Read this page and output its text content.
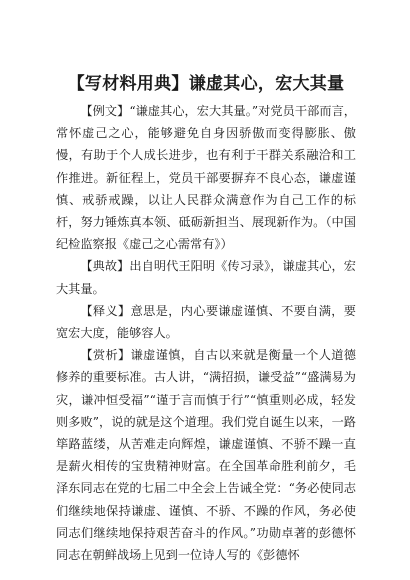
【写材料用典】谦虚其心，宏大其量

【例文】“谦虚其心，宏大其量。”对党员干部而言，常怀虚己之心，能够避免自身因骄傲而变得膨胀、傲慢，有助于个人成长进步，也有利于干群关系融洽和工作推进。新征程上，党员干部要摒弃不良心态，谦虚谨慎、戒骄戒躁，以让人民群众满意作为自己工作的标杆，努力锤炼真本领、砥砺新担当、展现新作为。（中国纪检监察报《虚己之心需常有》）

【典故】出自明代王阳明《传习录》，谦虚其心，宏大其量。

【释义】意思是，内心要谦虚谨慎、不要自满，要宽宏大度，能够容人。

【赏析】谦虚谨慎，自古以来就是衡量一个人道德修养的重要标准。古人讲，“满招损，谦受益”“盛满易为灾，谦冲恒受福”“谨于言而慎于行”“慎重则必成，轻发则多败”，说的就是这个道理。我们党自诞生以来，一路筚路蓝缕，从苦难走向辉煌，谦虚谨慎、不骄不躁一直是薪火相传的宝贵精神财富。在全国革命胜利前夕，毛泽东同志在党的七届二中全会上告诫全党：“务必使同志们继续地保持谦虚、谨慎、不骄、不躁的作风，务必使同志们继续地保持艰苦奋斗的作风。”功勋卓著的彭德怀同志在朝鲜战场上见到一位诗人写的《彭德怀
